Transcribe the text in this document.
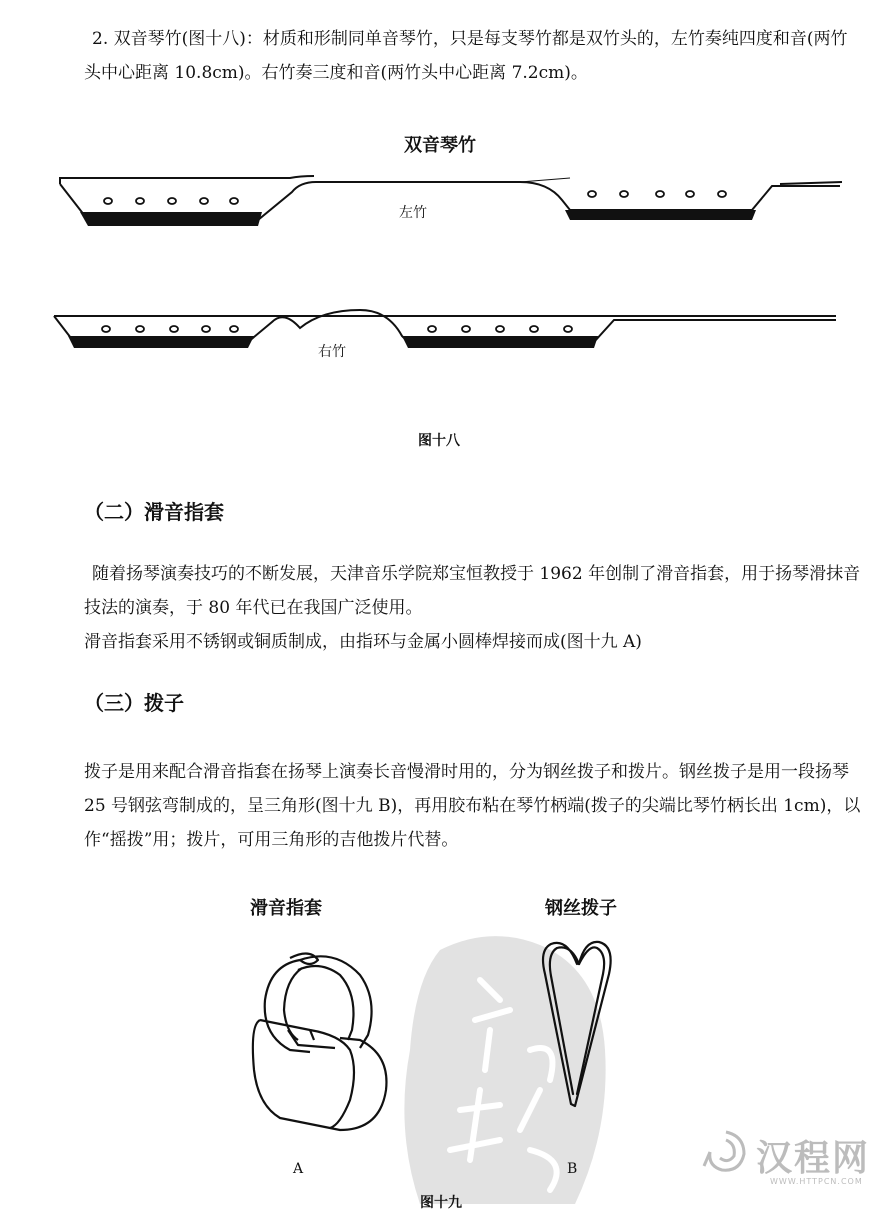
2. 双音琴竹(图十八)：材质和形制同单音琴竹，只是每支琴竹都是双竹头的，左竹奏纯四度和音(两竹头中心距离 10.8cm)。右竹奏三度和音(两竹头中心距离 7.2cm)。

双音琴竹
左竹
右竹
图十八
（二）滑音指套

随着扬琴演奏技巧的不断发展，天津音乐学院郑宝恒教授于 1962 年创制了滑音指套，用于扬琴滑抹音技法的演奏，于 80 年代已在我国广泛使用。

滑音指套采用不锈钢或铜质制成，由指环与金属小圆棒焊接而成(图十九 A)

（三）拨子

拨子是用来配合滑音指套在扬琴上演奏长音慢滑时用的，分为钢丝拨子和拨片。钢丝拨子是用一段扬琴 25 号钢弦弯制成的，呈三角形(图十九 B)，再用胶布粘在琴竹柄端(拨子的尖端比琴竹柄长出 1cm)，以作“摇拨”用；拨片，可用三角形的吉他拨片代替。

滑音指套	钢丝拨子
A	B
图十九
汉程网
WWW.HTTPCN.COM
